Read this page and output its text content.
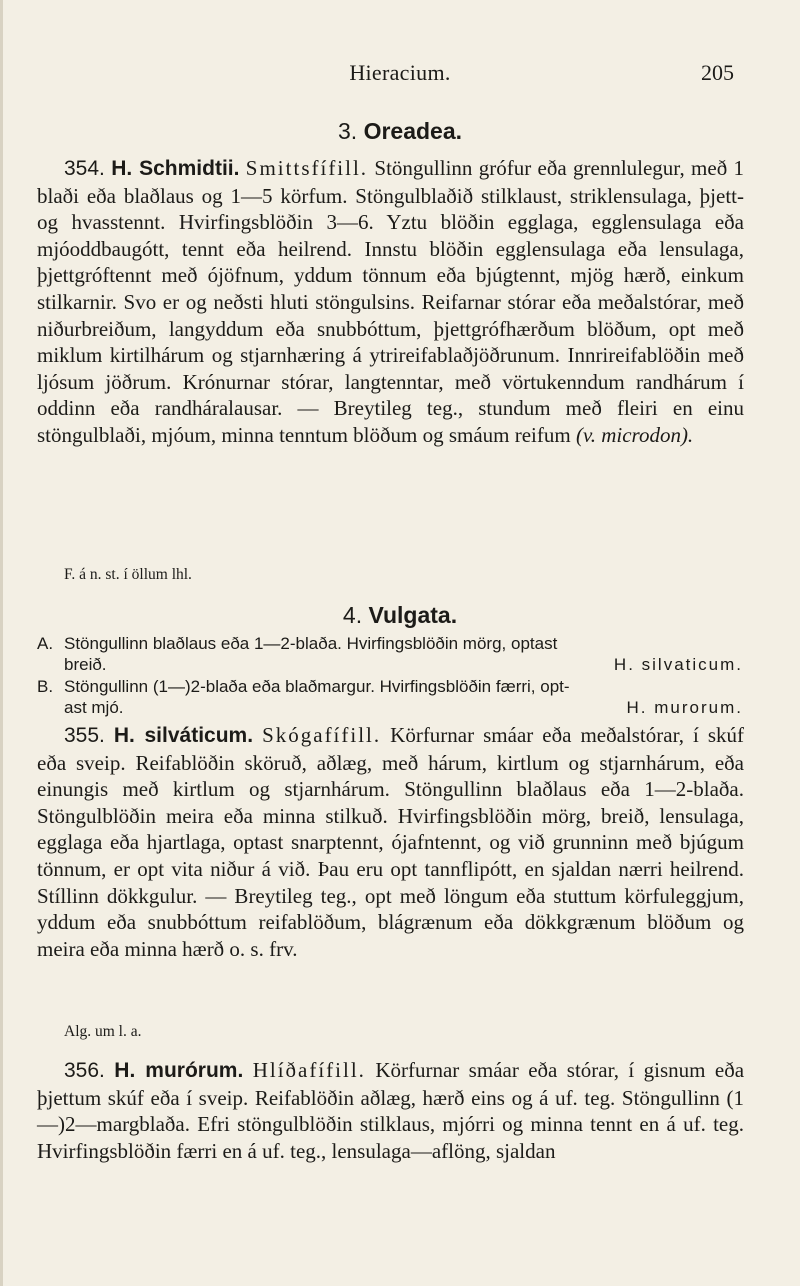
Hieracium.	205
3. Oreadea.

354. H. Schmidtii. Smittsfífill. Stöngullinn grófur eða grennlulegur, með 1 blaði eða blaðlaus og 1—5 körfum. Stöngulblaðið stilklaust, striklensulaga, þjett- og hvasstennt. Hvirfingsblöðin 3—6. Yztu blöðin egglaga, egglensulaga eða mjóoddbaugótt, tennt eða heilrend. Innstu blöðin egglensulaga eða lensulaga, þjettgróftennt með ójöfnum, yddum tönnum eða bjúgtennt, mjög hærð, einkum stilkarnir. Svo er og neðsti hluti stöngulsins. Reifarnar stórar eða meðalstórar, með niðurbreiðum, langyddum eða snubbóttum, þjettgrófhærðum blöðum, opt með miklum kirtilhárum og stjarnhæring á ytrireifablaðjöðrunum. Innrireifablöðin með ljósum jöðrum. Krónurnar stórar, langtenntar, með vörtukenndum randhárum í oddinn eða randháralausar. — Breytileg teg., stundum með fleiri en einu stöngulblaði, mjóum, minna tenntum blöðum og smáum reifum (v. microdon).

F. á n. st. í öllum lhl.
4. Vulgata.
A. Stöngullinn blaðlaus eða 1—2-blaða. Hvirfingsblöðin mörg, optast
breið.	H. silvaticum.
B. Stöngullinn (1—)2-blaða eða blaðmargur. Hvirfingsblöðin færri, opt-
ast mjó.	H. murorum.

355. H. silváticum. Skógafífill. Körfurnar smáar eða meðalstórar, í skúf eða sveip. Reifablöðin sköruð, aðlæg, með hárum, kirtlum og stjarnhárum, eða einungis með kirtlum og stjarnhárum. Stöngullinn blaðlaus eða 1—2-blaða. Stöngulblöðin meira eða minna stilkuð. Hvirfingsblöðin mörg, breið, lensulaga, egglaga eða hjartlaga, optast snarptennt, ójafntennt, og við grunninn með bjúgum tönnum, er opt vita niður á við. Þau eru opt tannflipótt, en sjaldan nærri heilrend. Stíllinn dökkgulur. — Breytileg teg., opt með löngum eða stuttum körfuleggjum, yddum eða snubbóttum reifablöðum, blágrænum eða dökkgrænum blöðum og meira eða minna hærð o. s. frv.

Alg. um l. a.

356. H. murórum. Hlíðafífill. Körfurnar smáar eða stórar, í gisnum eða þjettum skúf eða í sveip. Reifablöðin aðlæg, hærð eins og á uf. teg. Stöngullinn (1—)2—margblaða. Efri stöngulblöðin stilklaus, mjórri og minna tennt en á uf. teg. Hvirfingsblöðin færri en á uf. teg., lensulaga—aflöng, sjaldan
